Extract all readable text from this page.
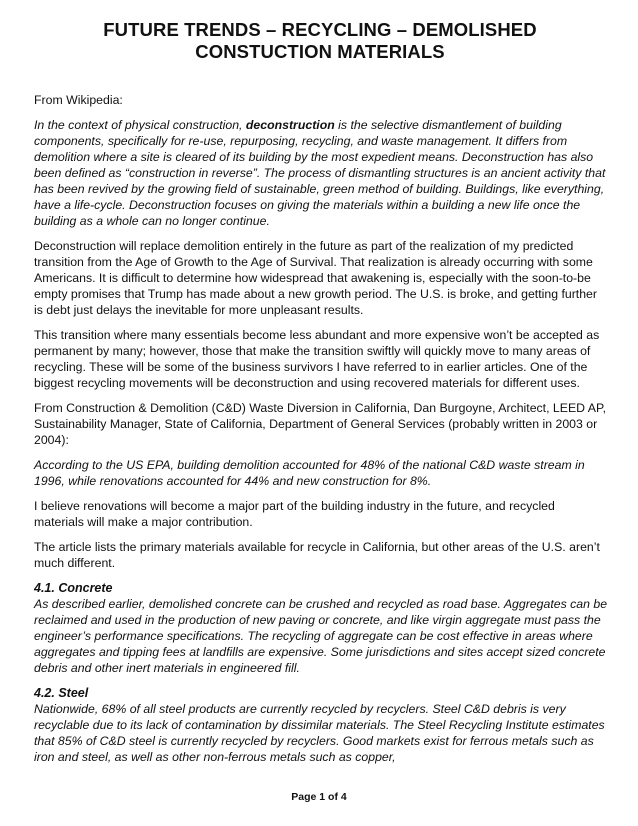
FUTURE TRENDS – RECYCLING – DEMOLISHED
CONSTUCTION MATERIALS

From Wikipedia:

In the context of physical construction, deconstruction is the selective dismantlement of building components, specifically for re-use, repurposing, recycling, and waste management. It differs from demolition where a site is cleared of its building by the most expedient means. Deconstruction has also been defined as “construction in reverse”. The process of dismantling structures is an ancient activity that has been revived by the growing field of sustainable, green method of building. Buildings, like everything, have a life-cycle. Deconstruction focuses on giving the materials within a building a new life once the building as a whole can no longer continue.

Deconstruction will replace demolition entirely in the future as part of the realization of my predicted transition from the Age of Growth to the Age of Survival. That realization is already occurring with some Americans. It is difficult to determine how widespread that awakening is, especially with the soon-to-be empty promises that Trump has made about a new growth period. The U.S. is broke, and getting further is debt just delays the inevitable for more unpleasant results.

This transition where many essentials become less abundant and more expensive won’t be accepted as permanent by many; however, those that make the transition swiftly will quickly move to many areas of recycling. These will be some of the business survivors I have referred to in earlier articles. One of the biggest recycling movements will be deconstruction and using recovered materials for different uses.

From Construction & Demolition (C&D) Waste Diversion in California, Dan Burgoyne, Architect, LEED AP, Sustainability Manager, State of California, Department of General Services (probably written in 2003 or 2004):

According to the US EPA, building demolition accounted for 48% of the national C&D waste stream in 1996, while renovations accounted for 44% and new construction for 8%.

I believe renovations will become a major part of the building industry in the future, and recycled materials will make a major contribution.

The article lists the primary materials available for recycle in California, but other areas of the U.S. aren’t much different.

4.1. Concrete
As described earlier, demolished concrete can be crushed and recycled as road base. Aggregates can be reclaimed and used in the production of new paving or concrete, and like virgin aggregate must pass the engineer’s performance specifications. The recycling of aggregate can be cost effective in areas where aggregates and tipping fees at landfills are expensive. Some jurisdictions and sites accept sized concrete debris and other inert materials in engineered fill.
4.2. Steel
Nationwide, 68% of all steel products are currently recycled by recyclers. Steel C&D debris is very recyclable due to its lack of contamination by dissimilar materials. The Steel Recycling Institute estimates that 85% of C&D steel is currently recycled by recyclers. Good markets exist for ferrous metals such as iron and steel, as well as other non-ferrous metals such as copper,
Page 1 of 4
